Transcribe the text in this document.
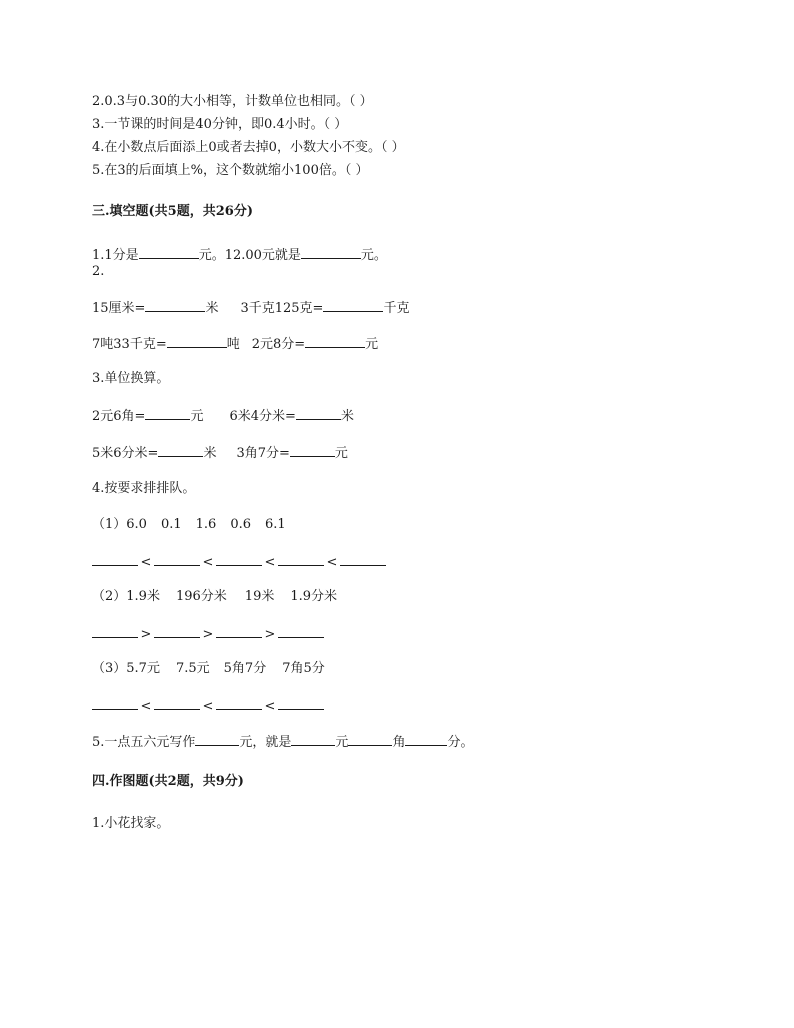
2.0.3与0.30的大小相等，计数单位也相同。（ ）
3.一节课的时间是40分钟，即0.4小时。（ ）
4.在小数点后面添上0或者去掉0，小数大小不变。（ ）
5.在3的后面填上%，这个数就缩小100倍。（ ）
三.填空题(共5题，共26分)
1.1分是	元。12.00元就是	元。
2.
15厘米=	米 3千克125克=	千克
7吨33千克=	吨 2元8分=	元
3.单位换算。
2元6角=	元 6米4分米=	米
5米6分米=	米 3角7分=	元
4.按要求排排队。
（1）6.0 0.1 1.6 0.6 6.1
<	<	<	<
（2）1.9米 196分米 19米 1.9分米
>	>	>
（3）5.7元 7.5元 5角7分 7角5分
<	<	<
5.一点五六元写作	元，就是	元	角	分。
四.作图题(共2题，共9分)
1.小花找家。
